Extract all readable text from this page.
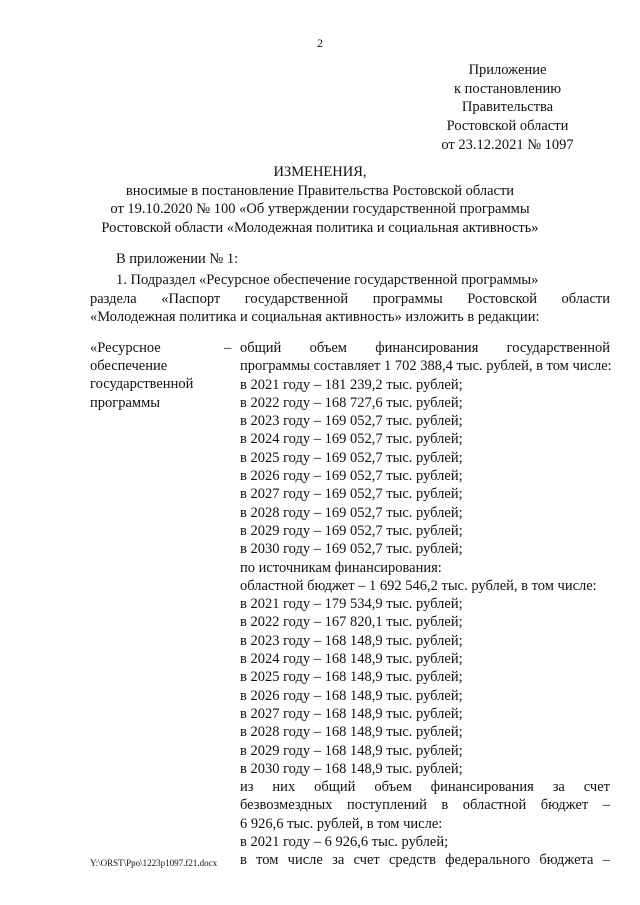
2
Приложение
к постановлению
Правительства
Ростовской области
от 23.12.2021 № 1097
ИЗМЕНЕНИЯ,
вносимые в постановление Правительства Ростовской области
от 19.10.2020 № 100 «Об утверждении государственной программы
Ростовской области «Молодежная политика и социальная активность»
В приложении № 1:
1. Подраздел «Ресурсное обеспечение государственной программы»
раздела «Паспорт государственной программы Ростовской области
«Молодежная политика и социальная активность» изложить в редакции:
«Ресурсное
обеспечение
государственной
программы
– общий объем финансирования государственной
программы составляет 1 702 388,4 тыс. рублей, в том числе:
в 2021 году – 181 239,2 тыс. рублей;
в 2022 году – 168 727,6 тыс. рублей;
в 2023 году – 169 052,7 тыс. рублей;
в 2024 году – 169 052,7 тыс. рублей;
в 2025 году – 169 052,7 тыс. рублей;
в 2026 году – 169 052,7 тыс. рублей;
в 2027 году – 169 052,7 тыс. рублей;
в 2028 году – 169 052,7 тыс. рублей;
в 2029 году – 169 052,7 тыс. рублей;
в 2030 году – 169 052,7 тыс. рублей;
по источникам финансирования:
областной бюджет – 1 692 546,2 тыс. рублей, в том числе:
в 2021 году – 179 534,9 тыс. рублей;
в 2022 году – 167 820,1 тыс. рублей;
в 2023 году – 168 148,9 тыс. рублей;
в 2024 году – 168 148,9 тыс. рублей;
в 2025 году – 168 148,9 тыс. рублей;
в 2026 году – 168 148,9 тыс. рублей;
в 2027 году – 168 148,9 тыс. рублей;
в 2028 году – 168 148,9 тыс. рублей;
в 2029 году – 168 148,9 тыс. рублей;
в 2030 году – 168 148,9 тыс. рублей;
из них общий объем финансирования за счет
безвозмездных поступлений в областной бюджет –
6 926,6 тыс. рублей, в том числе:
в 2021 году – 6 926,6 тыс. рублей;
в том числе за счет средств федерального бюджета –
Y:\ORST\Ppo\1223p1097.f21.docx
